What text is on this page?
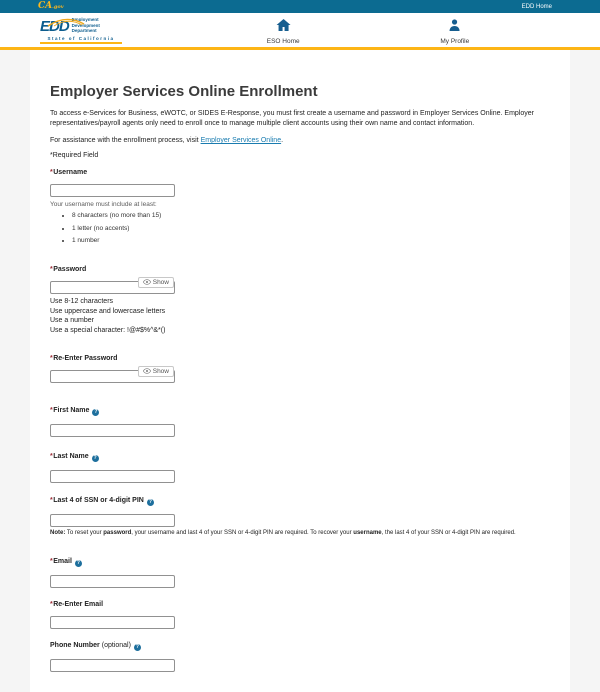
CA.gov	EDD Home
EDD Employment
Development
Department
State of California	ESO Home	My Profile
Employer Services Online Enrollment

To access e-Services for Business, eWOTC, or SIDES E-Response, you must first create a username and password in Employer Services Online. Employer representatives/payroll agents only need to enroll once to manage multiple client accounts using their own name and contact information.

For assistance with the enrollment process, visit Employer Services Online.

*Required Field

*Username
Your username must include at least:
• 8 characters (no more than 15)
• 1 letter (no accents)
• 1 number
*Password
Show
Use 8-12 characters
Use uppercase and lowercase letters
Use a number
Use a special character: !@#$%^&*()
*Re-Enter Password
Show
*First Name ?
*Last Name ?
*Last 4 of SSN or 4-digit PIN ?
Note: To reset your password, your username and last 4 of your SSN or 4-digit PIN are required. To recover your username, the last 4 of your SSN or 4-digit PIN are required.
*Email ?
*Re-Enter Email
Phone Number (optional) ?
